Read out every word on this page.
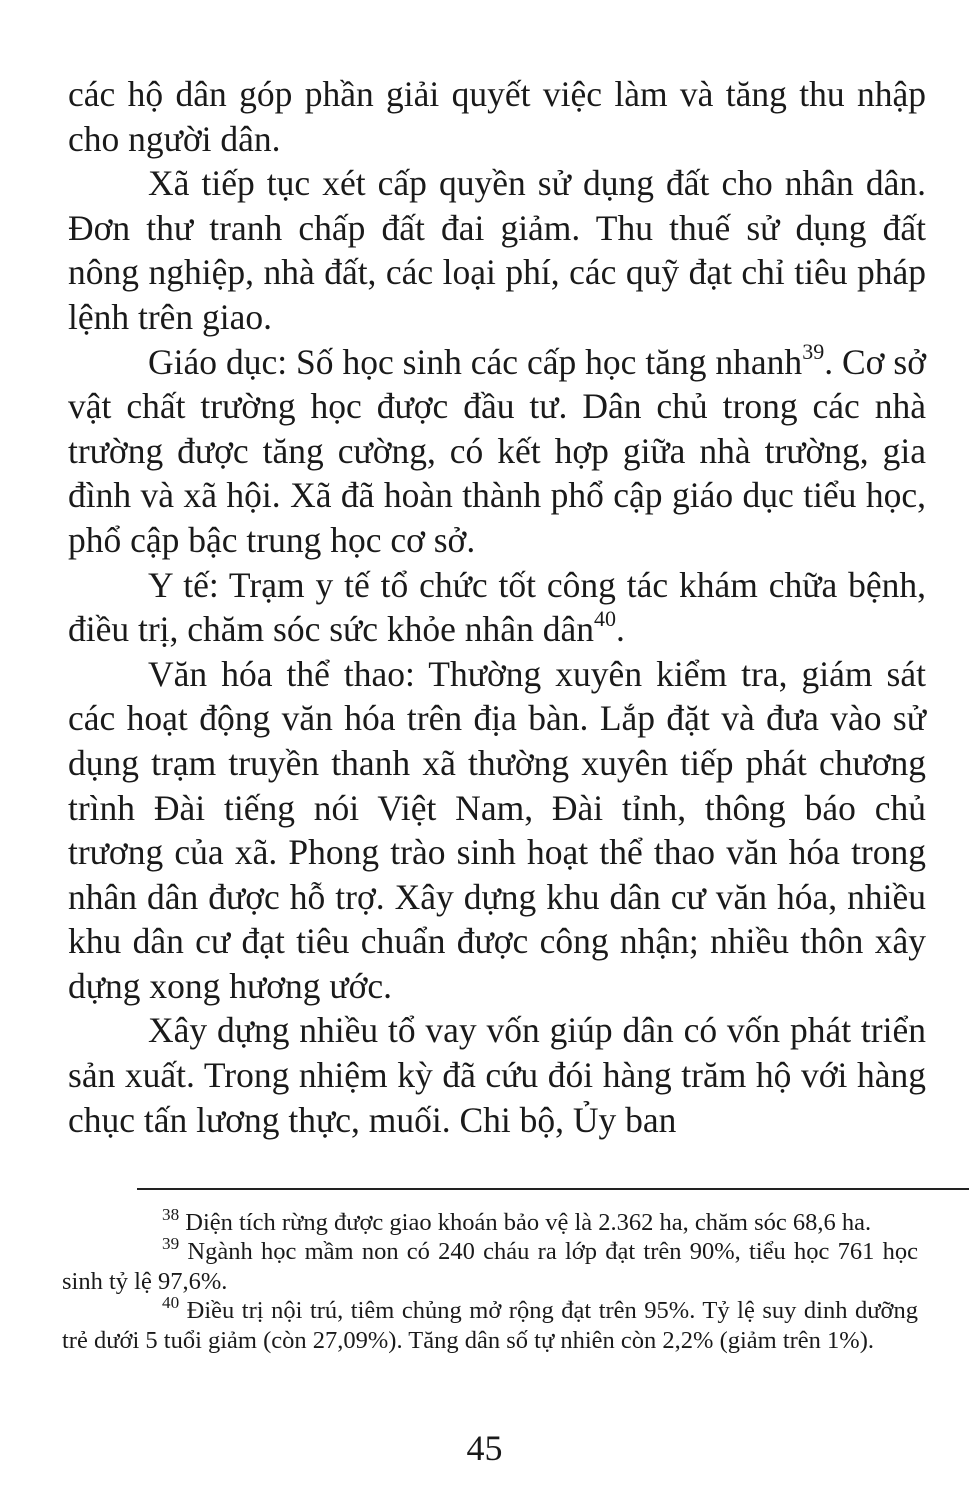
các hộ dân góp phần giải quyết việc làm và tăng thu nhập cho người dân.

Xã tiếp tục xét cấp quyền sử dụng đất cho nhân dân. Đơn thư tranh chấp đất đai giảm. Thu thuế sử dụng đất nông nghiệp, nhà đất, các loại phí, các quỹ đạt chỉ tiêu pháp lệnh trên giao.

Giáo dục: Số học sinh các cấp học tăng nhanh$^{39}$. Cơ sở vật chất trường học được đầu tư. Dân chủ trong các nhà trường được tăng cường, có kết hợp giữa nhà trường, gia đình và xã hội. Xã đã hoàn thành phổ cập giáo dục tiểu học, phổ cập bậc trung học cơ sở.

Y tế: Trạm y tế tổ chức tốt công tác khám chữa bệnh, điều trị, chăm sóc sức khỏe nhân dân$^{40}$.

Văn hóa thể thao: Thường xuyên kiểm tra, giám sát các hoạt động văn hóa trên địa bàn. Lắp đặt và đưa vào sử dụng trạm truyền thanh xã thường xuyên tiếp phát chương trình Đài tiếng nói Việt Nam, Đài tỉnh, thông báo chủ trương của xã. Phong trào sinh hoạt thể thao văn hóa trong nhân dân được hỗ trợ. Xây dựng khu dân cư văn hóa, nhiều khu dân cư đạt tiêu chuẩn được công nhận; nhiều thôn xây dựng xong hương ước.

Xây dựng nhiều tổ vay vốn giúp dân có vốn phát triển sản xuất. Trong nhiệm kỳ đã cứu đói hàng trăm hộ với hàng chục tấn lương thực, muối. Chi bộ, Ủy ban

$^{38}$ Diện tích rừng được giao khoán bảo vệ là 2.362 ha, chăm sóc 68,6 ha.

$^{39}$ Ngành học mầm non có 240 cháu ra lớp đạt trên 90%, tiểu học 761 học sinh tỷ lệ 97,6%.

$^{40}$ Điều trị nội trú, tiêm chủng mở rộng đạt trên 95%. Tỷ lệ suy dinh dưỡng trẻ dưới 5 tuổi giảm (còn 27,09%). Tăng dân số tự nhiên còn 2,2% (giảm trên 1%).

45
